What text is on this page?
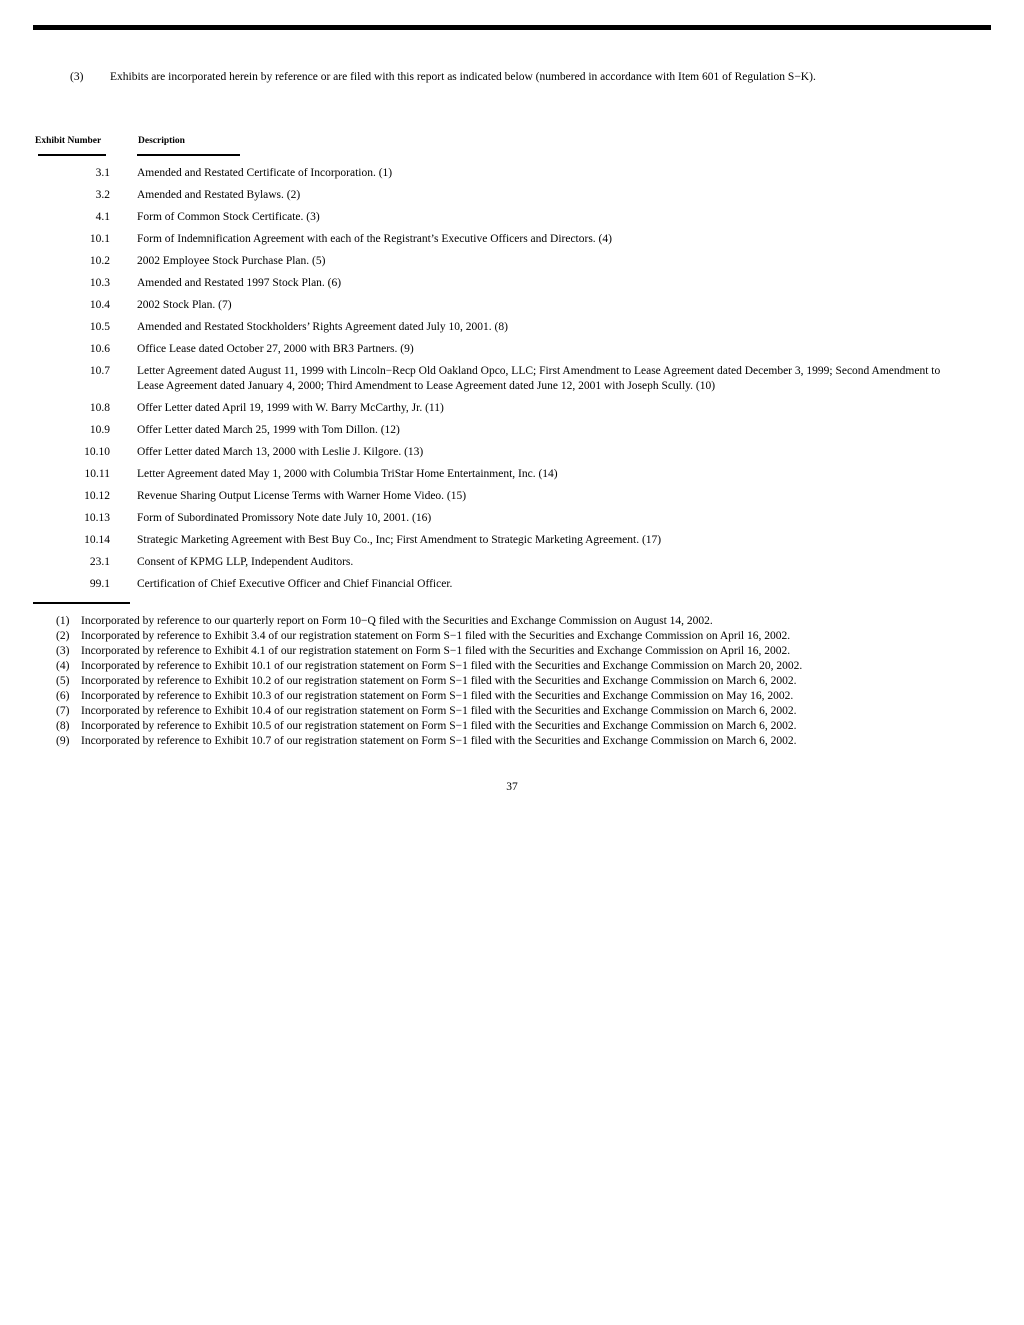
(3) Exhibits are incorporated herein by reference or are filed with this report as indicated below (numbered in accordance with Item 601 of Regulation S−K).
Exhibit Number	Description
3.1 Amended and Restated Certificate of Incorporation. (1)
3.2 Amended and Restated Bylaws. (2)
4.1 Form of Common Stock Certificate. (3)
10.1 Form of Indemnification Agreement with each of the Registrant’s Executive Officers and Directors. (4)
10.2 2002 Employee Stock Purchase Plan. (5)
10.3 Amended and Restated 1997 Stock Plan. (6)
10.4 2002 Stock Plan. (7)
10.5 Amended and Restated Stockholders’ Rights Agreement dated July 10, 2001. (8)
10.6 Office Lease dated October 27, 2000 with BR3 Partners. (9)
10.7 Letter Agreement dated August 11, 1999 with Lincoln−Recp Old Oakland Opco, LLC; First Amendment to Lease Agreement dated December 3, 1999; Second Amendment to Lease Agreement dated January 4, 2000; Third Amendment to Lease Agreement dated June 12, 2001 with Joseph Scully. (10)
10.8 Offer Letter dated April 19, 1999 with W. Barry McCarthy, Jr. (11)
10.9 Offer Letter dated March 25, 1999 with Tom Dillon. (12)
10.10 Offer Letter dated March 13, 2000 with Leslie J. Kilgore. (13)
10.11 Letter Agreement dated May 1, 2000 with Columbia TriStar Home Entertainment, Inc. (14)
10.12 Revenue Sharing Output License Terms with Warner Home Video. (15)
10.13 Form of Subordinated Promissory Note date July 10, 2001. (16)
10.14 Strategic Marketing Agreement with Best Buy Co., Inc; First Amendment to Strategic Marketing Agreement. (17)
23.1 Consent of KPMG LLP, Independent Auditors.
99.1 Certification of Chief Executive Officer and Chief Financial Officer.
(1)	Incorporated by reference to our quarterly report on Form 10−Q filed with the Securities and Exchange Commission on August 14, 2002.
(2)	Incorporated by reference to Exhibit 3.4 of our registration statement on Form S−1 filed with the Securities and Exchange Commission on April 16, 2002.
(3)	Incorporated by reference to Exhibit 4.1 of our registration statement on Form S−1 filed with the Securities and Exchange Commission on April 16, 2002.
(4)	Incorporated by reference to Exhibit 10.1 of our registration statement on Form S−1 filed with the Securities and Exchange Commission on March 20, 2002.
(5)	Incorporated by reference to Exhibit 10.2 of our registration statement on Form S−1 filed with the Securities and Exchange Commission on March 6, 2002.
(6)	Incorporated by reference to Exhibit 10.3 of our registration statement on Form S−1 filed with the Securities and Exchange Commission on May 16, 2002.
(7)	Incorporated by reference to Exhibit 10.4 of our registration statement on Form S−1 filed with the Securities and Exchange Commission on March 6, 2002.
(8)	Incorporated by reference to Exhibit 10.5 of our registration statement on Form S−1 filed with the Securities and Exchange Commission on March 6, 2002.
(9)	Incorporated by reference to Exhibit 10.7 of our registration statement on Form S−1 filed with the Securities and Exchange Commission on March 6, 2002.
37
